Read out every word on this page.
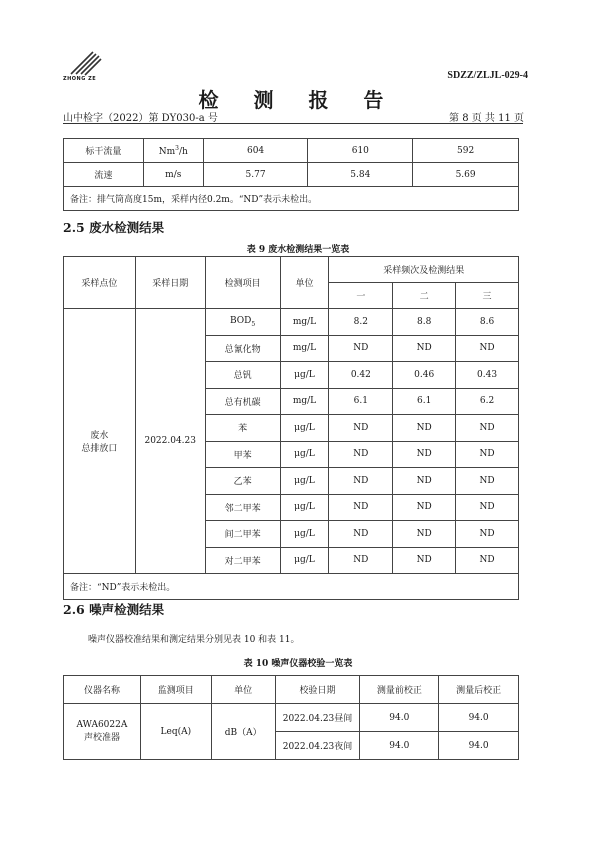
ZHONG ZE	SDZZ/ZLJL-029-4
检 测 报 告
山中检字（2022）第 DY030-a 号	第 8 页 共 11 页
标干流量	Nm$^3$/h	604	610	592
流速	m/s	5.77	5.84	5.69
备注：排气筒高度15m，采样内径0.2m。“ND”表示未检出。				
2.5 废水检测结果
表 9 废水检测结果一览表
采样点位	采样日期	检测项目	单位	采样频次及检测结果		
				一	二	三
废水
总排放口	2022.04.23	$BOD_5$	mg/L	8.2	8.8	8.6
		总氰化物	mg/L	ND	ND	ND
		总钒	μg/L	0.42	0.46	0.43
		总有机碳	mg/L	6.1	6.1	6.2
		苯	μg/L	ND	ND	ND
		甲苯	μg/L	ND	ND	ND
		乙苯	μg/L	ND	ND	ND
		邻二甲苯	μg/L	ND	ND	ND
		间二甲苯	μg/L	ND	ND	ND
		对二甲苯	μg/L	ND	ND	ND
备注：“ND”表示未检出。						
2.6 噪声检测结果
噪声仪器校准结果和测定结果分别见表 10 和表 11。
表 10 噪声仪器校验一览表
仪器名称	监测项目	单位	校验日期	测量前校正	测量后校正
AWA6022A
声校准器	Leq(A)	dB（A）	2022.04.23昼间	94.0	94.0
			2022.04.23夜间	94.0	94.0
